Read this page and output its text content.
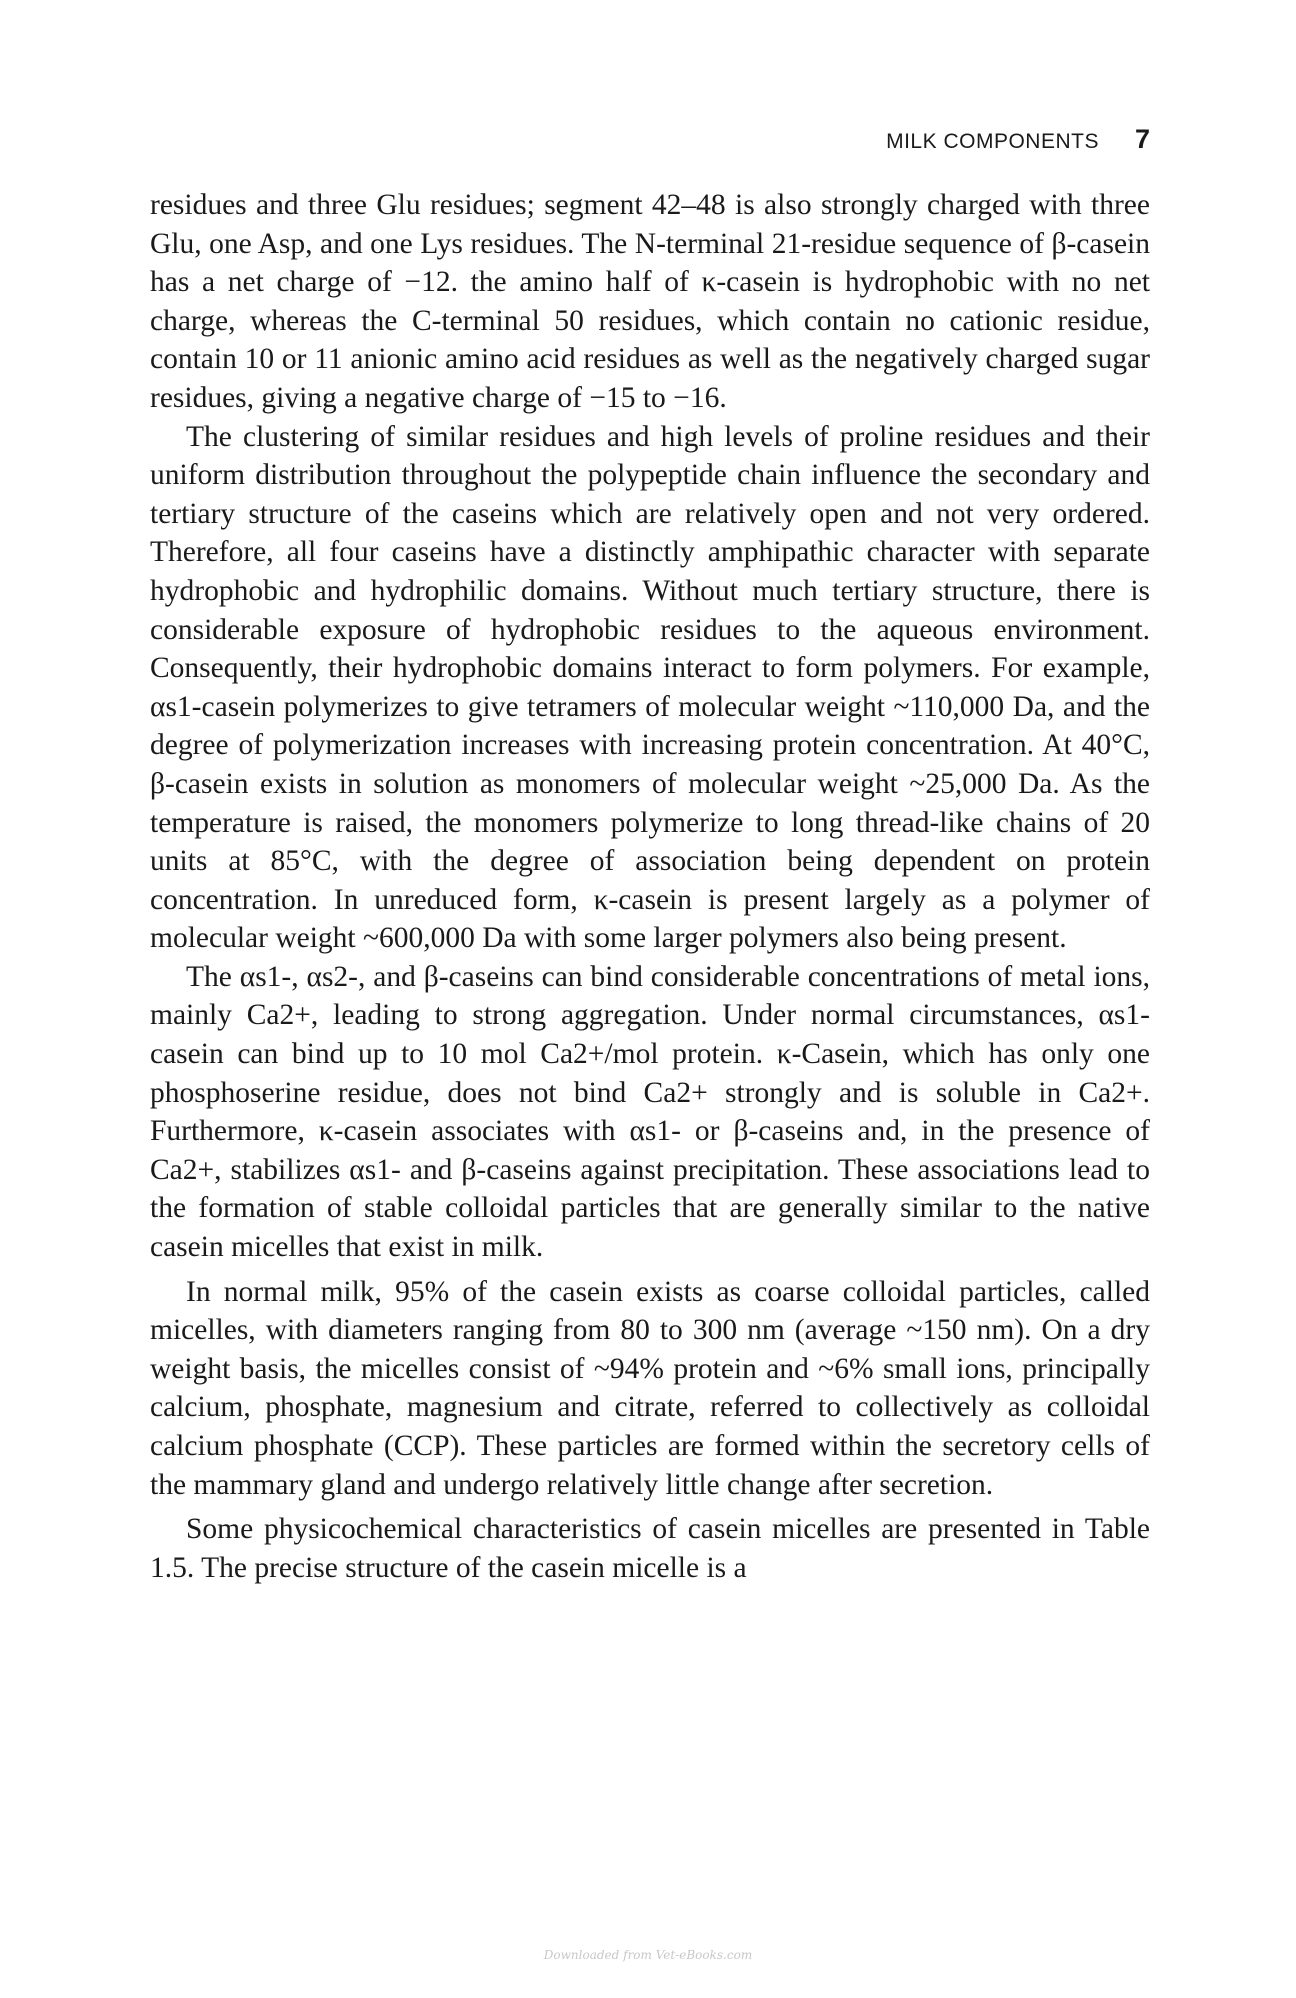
MILK COMPONENTS 7

residues and three Glu residues; segment 42–48 is also strongly charged with three Glu, one Asp, and one Lys residues. The N-terminal 21-residue sequence of β-casein has a net charge of −12. the amino half of κ-casein is hydrophobic with no net charge, whereas the C-terminal 50 residues, which contain no cationic residue, contain 10 or 11 anionic amino acid residues as well as the negatively charged sugar residues, giving a negative charge of −15 to −16.

The clustering of similar residues and high levels of proline residues and their uniform distribution throughout the polypeptide chain influence the secondary and tertiary structure of the caseins which are relatively open and not very ordered. Therefore, all four caseins have a distinctly amphipathic character with separate hydrophobic and hydrophilic domains. Without much tertiary structure, there is considerable exposure of hydrophobic residues to the aqueous environment. Consequently, their hydrophobic domains interact to form polymers. For example, αs1-casein polymerizes to give tetramers of molecular weight ~110,000 Da, and the degree of polymerization increases with increasing protein concentration. At 40°C, β-casein exists in solution as monomers of molecular weight ~25,000 Da. As the temperature is raised, the monomers polymerize to long thread-like chains of 20 units at 85°C, with the degree of association being dependent on protein concentration. In unreduced form, κ-casein is present largely as a polymer of molecular weight ~600,000 Da with some larger polymers also being present.

The αs1-, αs2-, and β-caseins can bind considerable concentrations of metal ions, mainly Ca2+, leading to strong aggregation. Under normal circumstances, αs1-casein can bind up to 10 mol Ca2+/mol protein. κ-Casein, which has only one phosphoserine residue, does not bind Ca2+ strongly and is soluble in Ca2+. Furthermore, κ-casein associates with αs1- or β-caseins and, in the presence of Ca2+, stabilizes αs1- and β-caseins against precipitation. These associations lead to the formation of stable colloidal particles that are generally similar to the native casein micelles that exist in milk.

In normal milk, 95% of the casein exists as coarse colloidal particles, called micelles, with diameters ranging from 80 to 300 nm (average ~150 nm). On a dry weight basis, the micelles consist of ~94% protein and ~6% small ions, principally calcium, phosphate, magnesium and citrate, referred to collectively as colloidal calcium phosphate (CCP). These particles are formed within the secretory cells of the mammary gland and undergo relatively little change after secretion.

Some physicochemical characteristics of casein micelles are presented in Table 1.5. The precise structure of the casein micelle is a

Downloaded from Vet-eBooks.com
